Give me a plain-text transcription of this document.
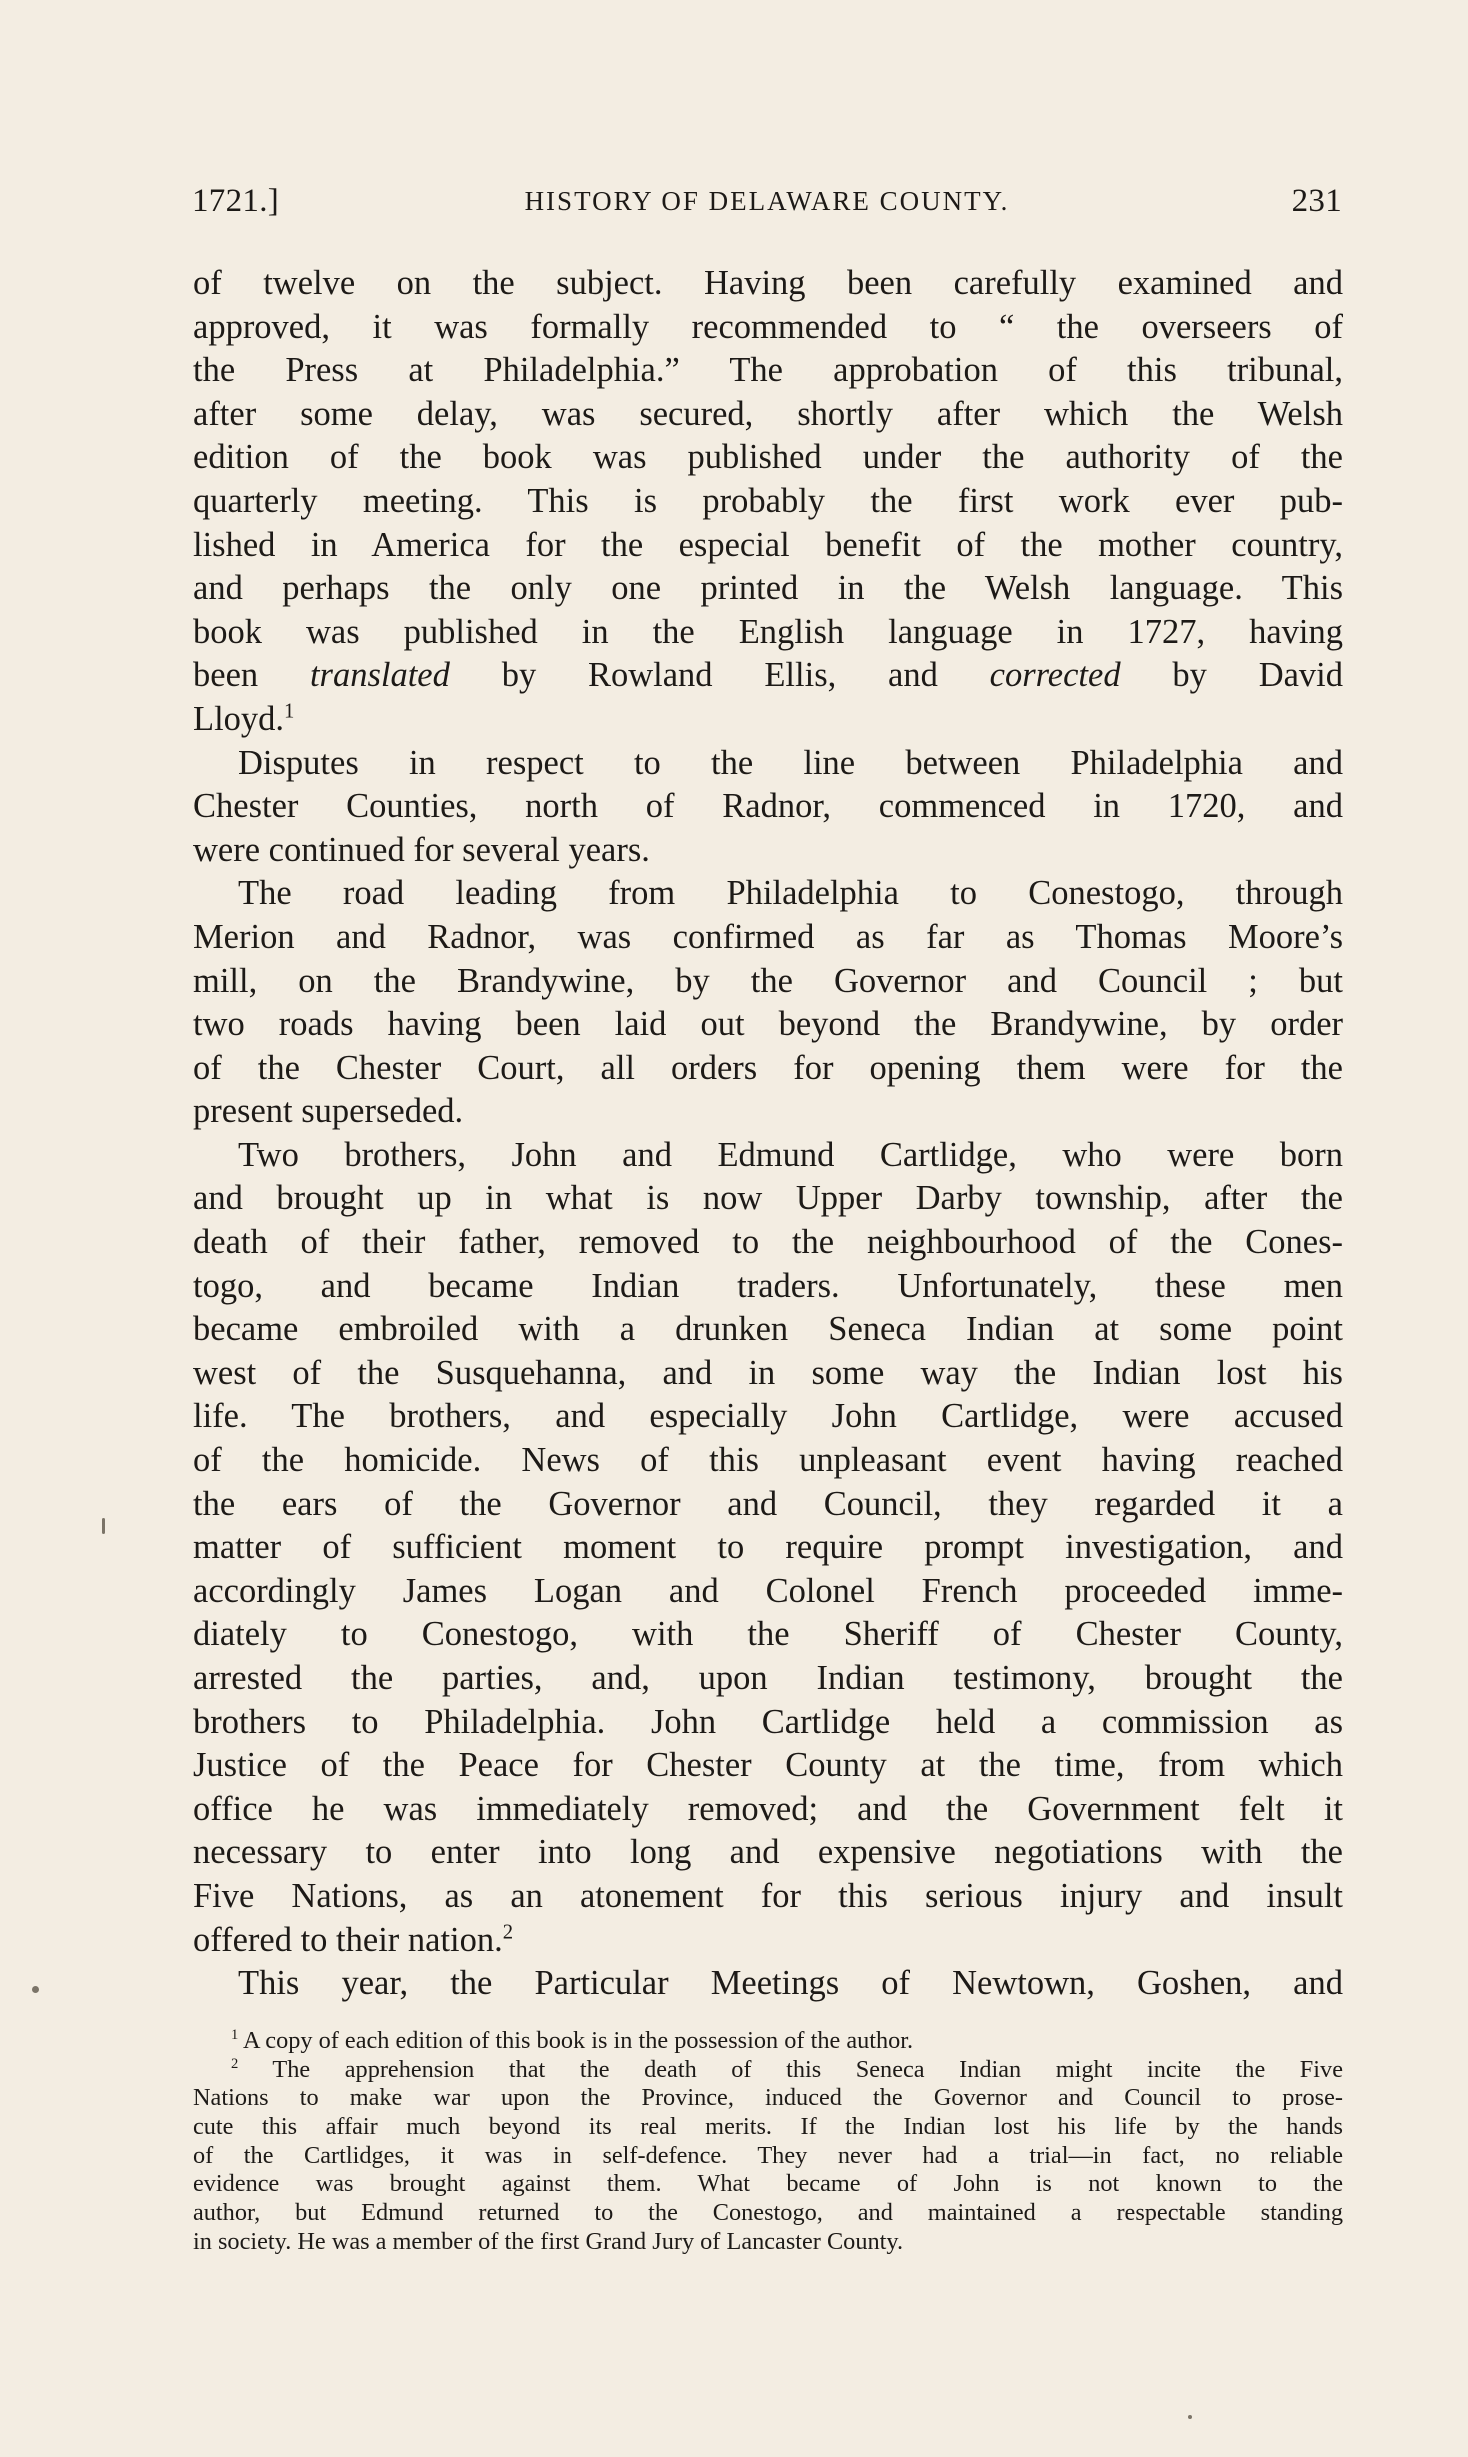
1721.]	HISTORY OF DELAWARE COUNTY.	231
of twelve on the subject. Having been carefully examined and
approved, it was formally recommended to “ the overseers of
the Press at Philadelphia.” The approbation of this tribunal,
after some delay, was secured, shortly after which the Welsh
edition of the book was published under the authority of the
quarterly meeting. This is probably the first work ever pub-
lished in America for the especial benefit of the mother country,
and perhaps the only one printed in the Welsh language. This
book was published in the English language in 1727, having
been translated by Rowland Ellis, and corrected by David
Lloyd.$^1$
Disputes in respect to the line between Philadelphia and
Chester Counties, north of Radnor, commenced in 1720, and
were continued for several years.
The road leading from Philadelphia to Conestogo, through
Merion and Radnor, was confirmed as far as Thomas Moore’s
mill, on the Brandywine, by the Governor and Council ; but
two roads having been laid out beyond the Brandywine, by order
of the Chester Court, all orders for opening them were for the
present superseded.
Two brothers, John and Edmund Cartlidge, who were born
and brought up in what is now Upper Darby township, after the
death of their father, removed to the neighbourhood of the Cones-
togo, and became Indian traders. Unfortunately, these men
became embroiled with a drunken Seneca Indian at some point
west of the Susquehanna, and in some way the Indian lost his
life. The brothers, and especially John Cartlidge, were accused
of the homicide. News of this unpleasant event having reached
the ears of the Governor and Council, they regarded it a
matter of sufficient moment to require prompt investigation, and
accordingly James Logan and Colonel French proceeded imme-
diately to Conestogo, with the Sheriff of Chester County,
arrested the parties, and, upon Indian testimony, brought the
brothers to Philadelphia. John Cartlidge held a commission as
Justice of the Peace for Chester County at the time, from which
office he was immediately removed; and the Government felt it
necessary to enter into long and expensive negotiations with the
Five Nations, as an atonement for this serious injury and insult
offered to their nation.$^2$
This year, the Particular Meetings of Newtown, Goshen, and
$^1$ A copy of each edition of this book is in the possession of the author.
$^2$ The apprehension that the death of this Seneca Indian might incite the Five
Nations to make war upon the Province, induced the Governor and Council to prose-
cute this affair much beyond its real merits. If the Indian lost his life by the hands
of the Cartlidges, it was in self-defence. They never had a trial—in fact, no reliable
evidence was brought against them. What became of John is not known to the
author, but Edmund returned to the Conestogo, and maintained a respectable standing
in society. He was a member of the first Grand Jury of Lancaster County.
